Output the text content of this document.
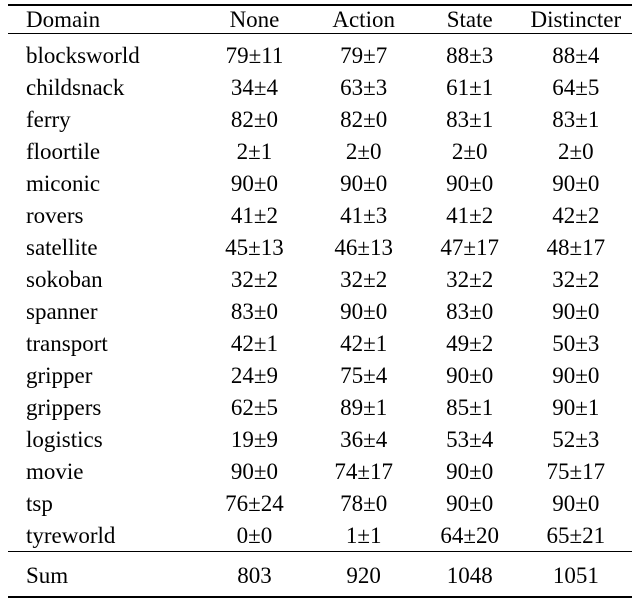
Domain	None	Action	State	Distincter
blocksworld	79±11	79±7	88±3	88±4
childsnack	34±4	63±3	61±1	64±5
ferry	82±0	82±0	83±1	83±1
floortile	2±1	2±0	2±0	2±0
miconic	90±0	90±0	90±0	90±0
rovers	41±2	41±3	41±2	42±2
satellite	45±13	46±13	47±17	48±17
sokoban	32±2	32±2	32±2	32±2
spanner	83±0	90±0	83±0	90±0
transport	42±1	42±1	49±2	50±3
gripper	24±9	75±4	90±0	90±0
grippers	62±5	89±1	85±1	90±1
logistics	19±9	36±4	53±4	52±3
movie	90±0	74±17	90±0	75±17
tsp	76±24	78±0	90±0	90±0
tyreworld	0±0	1±1	64±20	65±21
Sum	803	920	1048	1051
